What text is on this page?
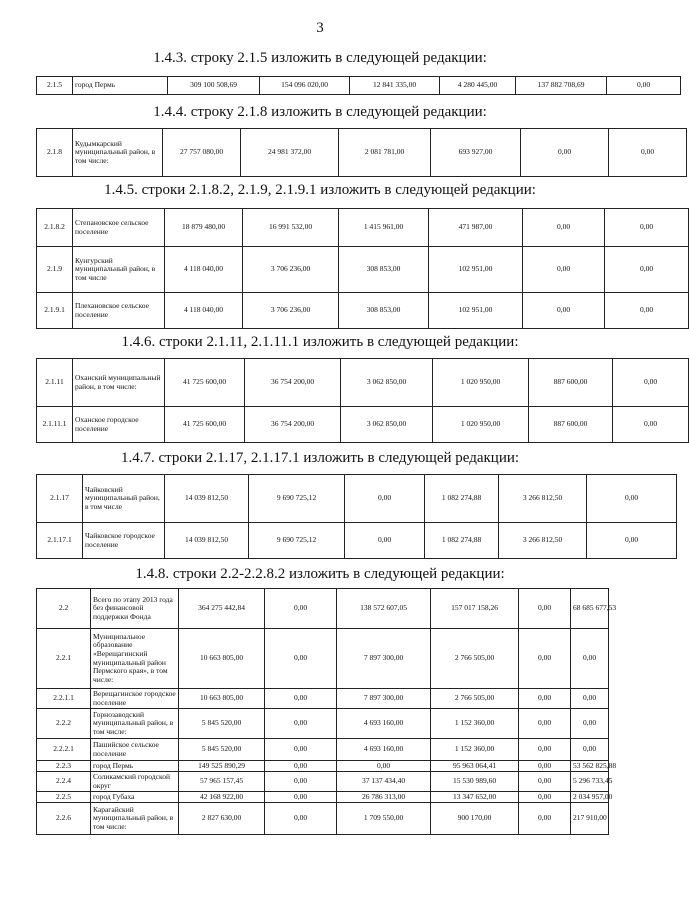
3
1.4.3. строку 2.1.5 изложить в следующей редакции:
2.1.5	город Пермь	309 100 508,69	154 096 020,00	12 841 335,00	4 280 445,00	137 882 708,69	0,00
1.4.4. строку 2.1.8 изложить в следующей редакции:
2.1.8	Кудымкарский муниципальный район, в том числе:	27 757 080,00	24 981 372,00	2 081 781,00	693 927,00	0,00	0,00
1.4.5. строки 2.1.8.2, 2.1.9, 2.1.9.1 изложить в следующей редакции:
2.1.8.2	Степановское сельское поселение	18 879 480,00	16 991 532,00	1 415 961,00	471 987,00	0,00	0,00
2.1.9	Кунгурский муниципальный район, в том числе	4 118 040,00	3 706 236,00	308 853,00	102 951,00	0,00	0,00
2.1.9.1	Плехановское сельское поселение	4 118 040,00	3 706 236,00	308 853,00	102 951,00	0,00	0,00
1.4.6. строки 2.1.11, 2.1.11.1 изложить в следующей редакции:
2.1.11	Оханский муниципальный район, в том числе:	41 725 600,00	36 754 200,00	3 062 850,00	1 020 950,00	887 600,00	0,00
2.1.11.1	Оханское городское поселение	41 725 600,00	36 754 200,00	3 062 850,00	1 020 950,00	887 600,00	0,00
1.4.7. строки 2.1.17, 2.1.17.1 изложить в следующей редакции:
2.1.17	Чайковский муниципальный район, в том числе	14 039 812,50	9 690 725,12	0,00	1 082 274,88	3 266 812,50	0,00
2.1.17.1	Чайковское городское поселение	14 039 812,50	9 690 725,12	0,00	1 082 274,88	3 266 812,50	0,00
1.4.8. строки 2.2-2.2.8.2 изложить в следующей редакции:
2.2	Всего по этапу 2013 года без финансовой поддержки Фонда	364 275 442,84	0,00	138 572 607,05	157 017 158,26	0,00	68 685 677,53
2.2.1	Муниципальное образование «Верещагинский муниципальный район Пермского края», в том числе:	10 663 805,00	0,00	7 897 300,00	2 766 505,00	0,00	0,00
2.2.1.1	Верещагинское городское поселение	10 663 805,00	0,00	7 897 300,00	2 766 505,00	0,00	0,00
2.2.2	Горнозаводский муниципальный район, в том числе:	5 845 520,00	0,00	4 693 160,00	1 152 360,00	0,00	0,00
2.2.2.1	Пашийское сельское поселение	5 845 520,00	0,00	4 693 160,00	1 152 360,00	0,00	0,00
2.2.3	город Пермь	149 525 890,29	0,00	0,00	95 963 064,41	0,00	53 562 825,88
2.2.4	Соликамский городской округ	57 965 157,45	0,00	37 137 434,40	15 530 989,60	0,00	5 296 733,45
2.2.5	город Губаха	42 168 922,00	0,00	26 786 313,00	13 347 652,00	0,00	2 034 957,00
2.2.6	Карагайский муниципальный район, в том числе:	2 827 630,00	0,00	1 709 550,00	900 170,00	0,00	217 910,00
